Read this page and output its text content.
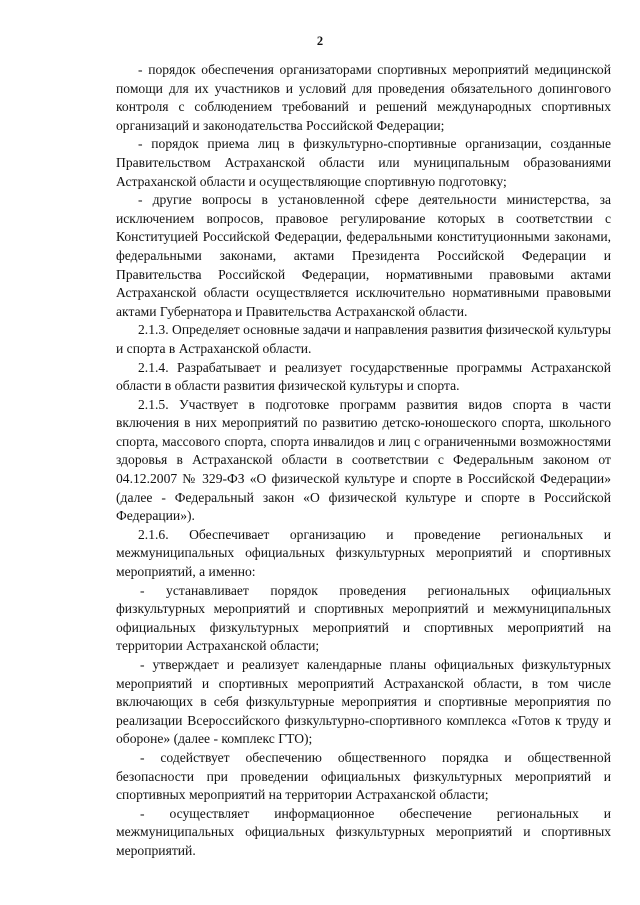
2

- порядок обеспечения организаторами спортивных мероприятий медицинской помощи для их участников и условий для проведения обязательного допингового контроля с соблюдением требований и решений международных спортивных организаций и законодательства Российской Федерации;

- порядок приема лиц в физкультурно-спортивные организации, созданные Правительством Астраханской области или муниципальным образованиями Астраханской области и осуществляющие спортивную подготовку;

- другие вопросы в установленной сфере деятельности министерства, за исключением вопросов, правовое регулирование которых в соответствии с Конституцией Российской Федерации, федеральными конституционными законами, федеральными законами, актами Президента Российской Федерации и Правительства Российской Федерации, нормативными правовыми актами Астраханской области осуществляется исключительно нормативными правовыми актами Губернатора и Правительства Астраханской области.

2.1.3. Определяет основные задачи и направления развития физической культуры и спорта в Астраханской области.

2.1.4. Разрабатывает и реализует государственные программы Астраханской области в области развития физической культуры и спорта.

2.1.5. Участвует в подготовке программ развития видов спорта в части включения в них мероприятий по развитию детско-юношеского спорта, школьного спорта, массового спорта, спорта инвалидов и лиц с ограниченными возможностями здоровья в Астраханской области в соответствии с Федеральным законом от 04.12.2007 № 329-ФЗ «О физической культуре и спорте в Российской Федерации» (далее - Федеральный закон «О физической культуре и спорте в Российской Федерации»).

2.1.6. Обеспечивает организацию и проведение региональных и межмуниципальных официальных физкультурных мероприятий и спортивных мероприятий, а именно:

- устанавливает порядок проведения региональных официальных физкультурных мероприятий и спортивных мероприятий и межмуниципальных официальных физкультурных мероприятий и спортивных мероприятий на территории Астраханской области;

- утверждает и реализует календарные планы официальных физкультурных мероприятий и спортивных мероприятий Астраханской области, в том числе включающих в себя физкультурные мероприятия и спортивные мероприятия по реализации Всероссийского физкультурно-спортивного комплекса «Готов к труду и обороне» (далее - комплекс ГТО);

- содействует обеспечению общественного порядка и общественной безопасности при проведении официальных физкультурных мероприятий и спортивных мероприятий на территории Астраханской области;

- осуществляет информационное обеспечение региональных и межмуниципальных официальных физкультурных мероприятий и спортивных мероприятий.
